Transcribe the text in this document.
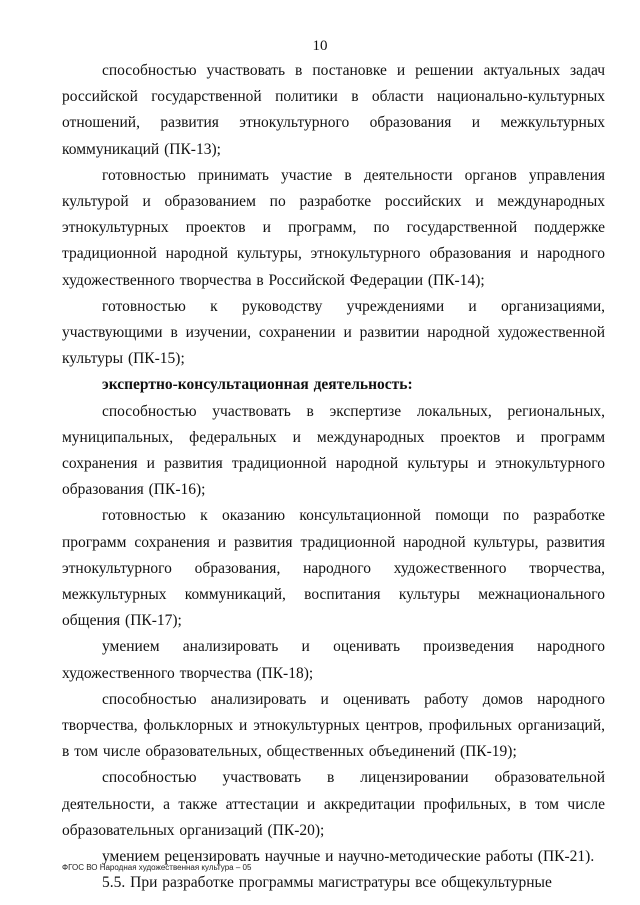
10

способностью участвовать в постановке и решении актуальных задач российской государственной политики в области национально-культурных отношений, развития этнокультурного образования и межкультурных коммуникаций (ПК-13);

готовностью принимать участие в деятельности органов управления культурой и образованием по разработке российских и международных этнокультурных проектов и программ, по государственной поддержке традиционной народной культуры, этнокультурного образования и народного художественного творчества в Российской Федерации (ПК-14);

готовностью к руководству учреждениями и организациями, участвующими в изучении, сохранении и развитии народной художественной культуры (ПК-15);

экспертно-консультационная деятельность:

способностью участвовать в экспертизе локальных, региональных, муниципальных, федеральных и международных проектов и программ сохранения и развития традиционной народной культуры и этнокультурного образования (ПК-16);

готовностью к оказанию консультационной помощи по разработке программ сохранения и развития традиционной народной культуры, развития этнокультурного образования, народного художественного творчества, межкультурных коммуникаций, воспитания культуры межнационального общения (ПК-17);

умением анализировать и оценивать произведения народного художественного творчества (ПК-18);

способностью анализировать и оценивать работу домов народного творчества, фольклорных и этнокультурных центров, профильных организаций, в том числе образовательных, общественных объединений (ПК-19);

способностью участвовать в лицензировании образовательной деятельности, а также аттестации и аккредитации профильных, в том числе образовательных организаций (ПК-20);

умением рецензировать научные и научно-методические работы (ПК-21).

5.5. При разработке программы магистратуры все общекультурные

ФГОС ВО Народная художественная культура – 05
